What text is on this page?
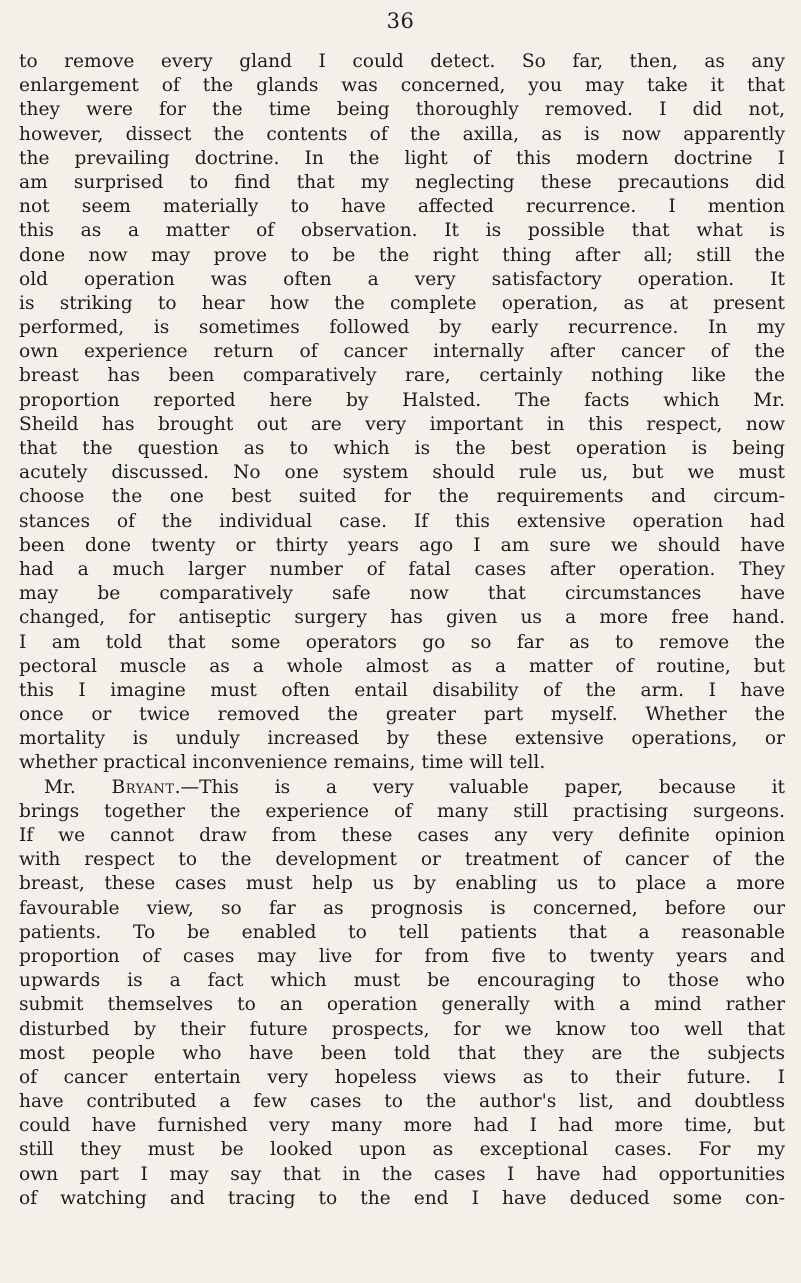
36
to remove every gland I could detect. So far, then, as any
enlargement of the glands was concerned, you may take it that
they were for the time being thoroughly removed. I did not,
however, dissect the contents of the axilla, as is now apparently
the prevailing doctrine. In the light of this modern doctrine I
am surprised to find that my neglecting these precautions did
not seem materially to have affected recurrence. I mention
this as a matter of observation. It is possible that what is
done now may prove to be the right thing after all; still the
old operation was often a very satisfactory operation. It
is striking to hear how the complete operation, as at present
performed, is sometimes followed by early recurrence. In my
own experience return of cancer internally after cancer of the
breast has been comparatively rare, certainly nothing like the
proportion reported here by Halsted. The facts which Mr.
Sheild has brought out are very important in this respect, now
that the question as to which is the best operation is being
acutely discussed. No one system should rule us, but we must
choose the one best suited for the requirements and circum-
stances of the individual case. If this extensive operation had
been done twenty or thirty years ago I am sure we should have
had a much larger number of fatal cases after operation. They
may be comparatively safe now that circumstances have
changed, for antiseptic surgery has given us a more free hand.
I am told that some operators go so far as to remove the
pectoral muscle as a whole almost as a matter of routine, but
this I imagine must often entail disability of the arm. I have
once or twice removed the greater part myself. Whether the
mortality is unduly increased by these extensive operations, or
whether practical inconvenience remains, time will tell.
Mr. Bryant.—This is a very valuable paper, because it
brings together the experience of many still practising surgeons.
If we cannot draw from these cases any very definite opinion
with respect to the development or treatment of cancer of the
breast, these cases must help us by enabling us to place a more
favourable view, so far as prognosis is concerned, before our
patients. To be enabled to tell patients that a reasonable
proportion of cases may live for from five to twenty years and
upwards is a fact which must be encouraging to those who
submit themselves to an operation generally with a mind rather
disturbed by their future prospects, for we know too well that
most people who have been told that they are the subjects
of cancer entertain very hopeless views as to their future. I
have contributed a few cases to the author's list, and doubtless
could have furnished very many more had I had more time, but
still they must be looked upon as exceptional cases. For my
own part I may say that in the cases I have had opportunities
of watching and tracing to the end I have deduced some con-
